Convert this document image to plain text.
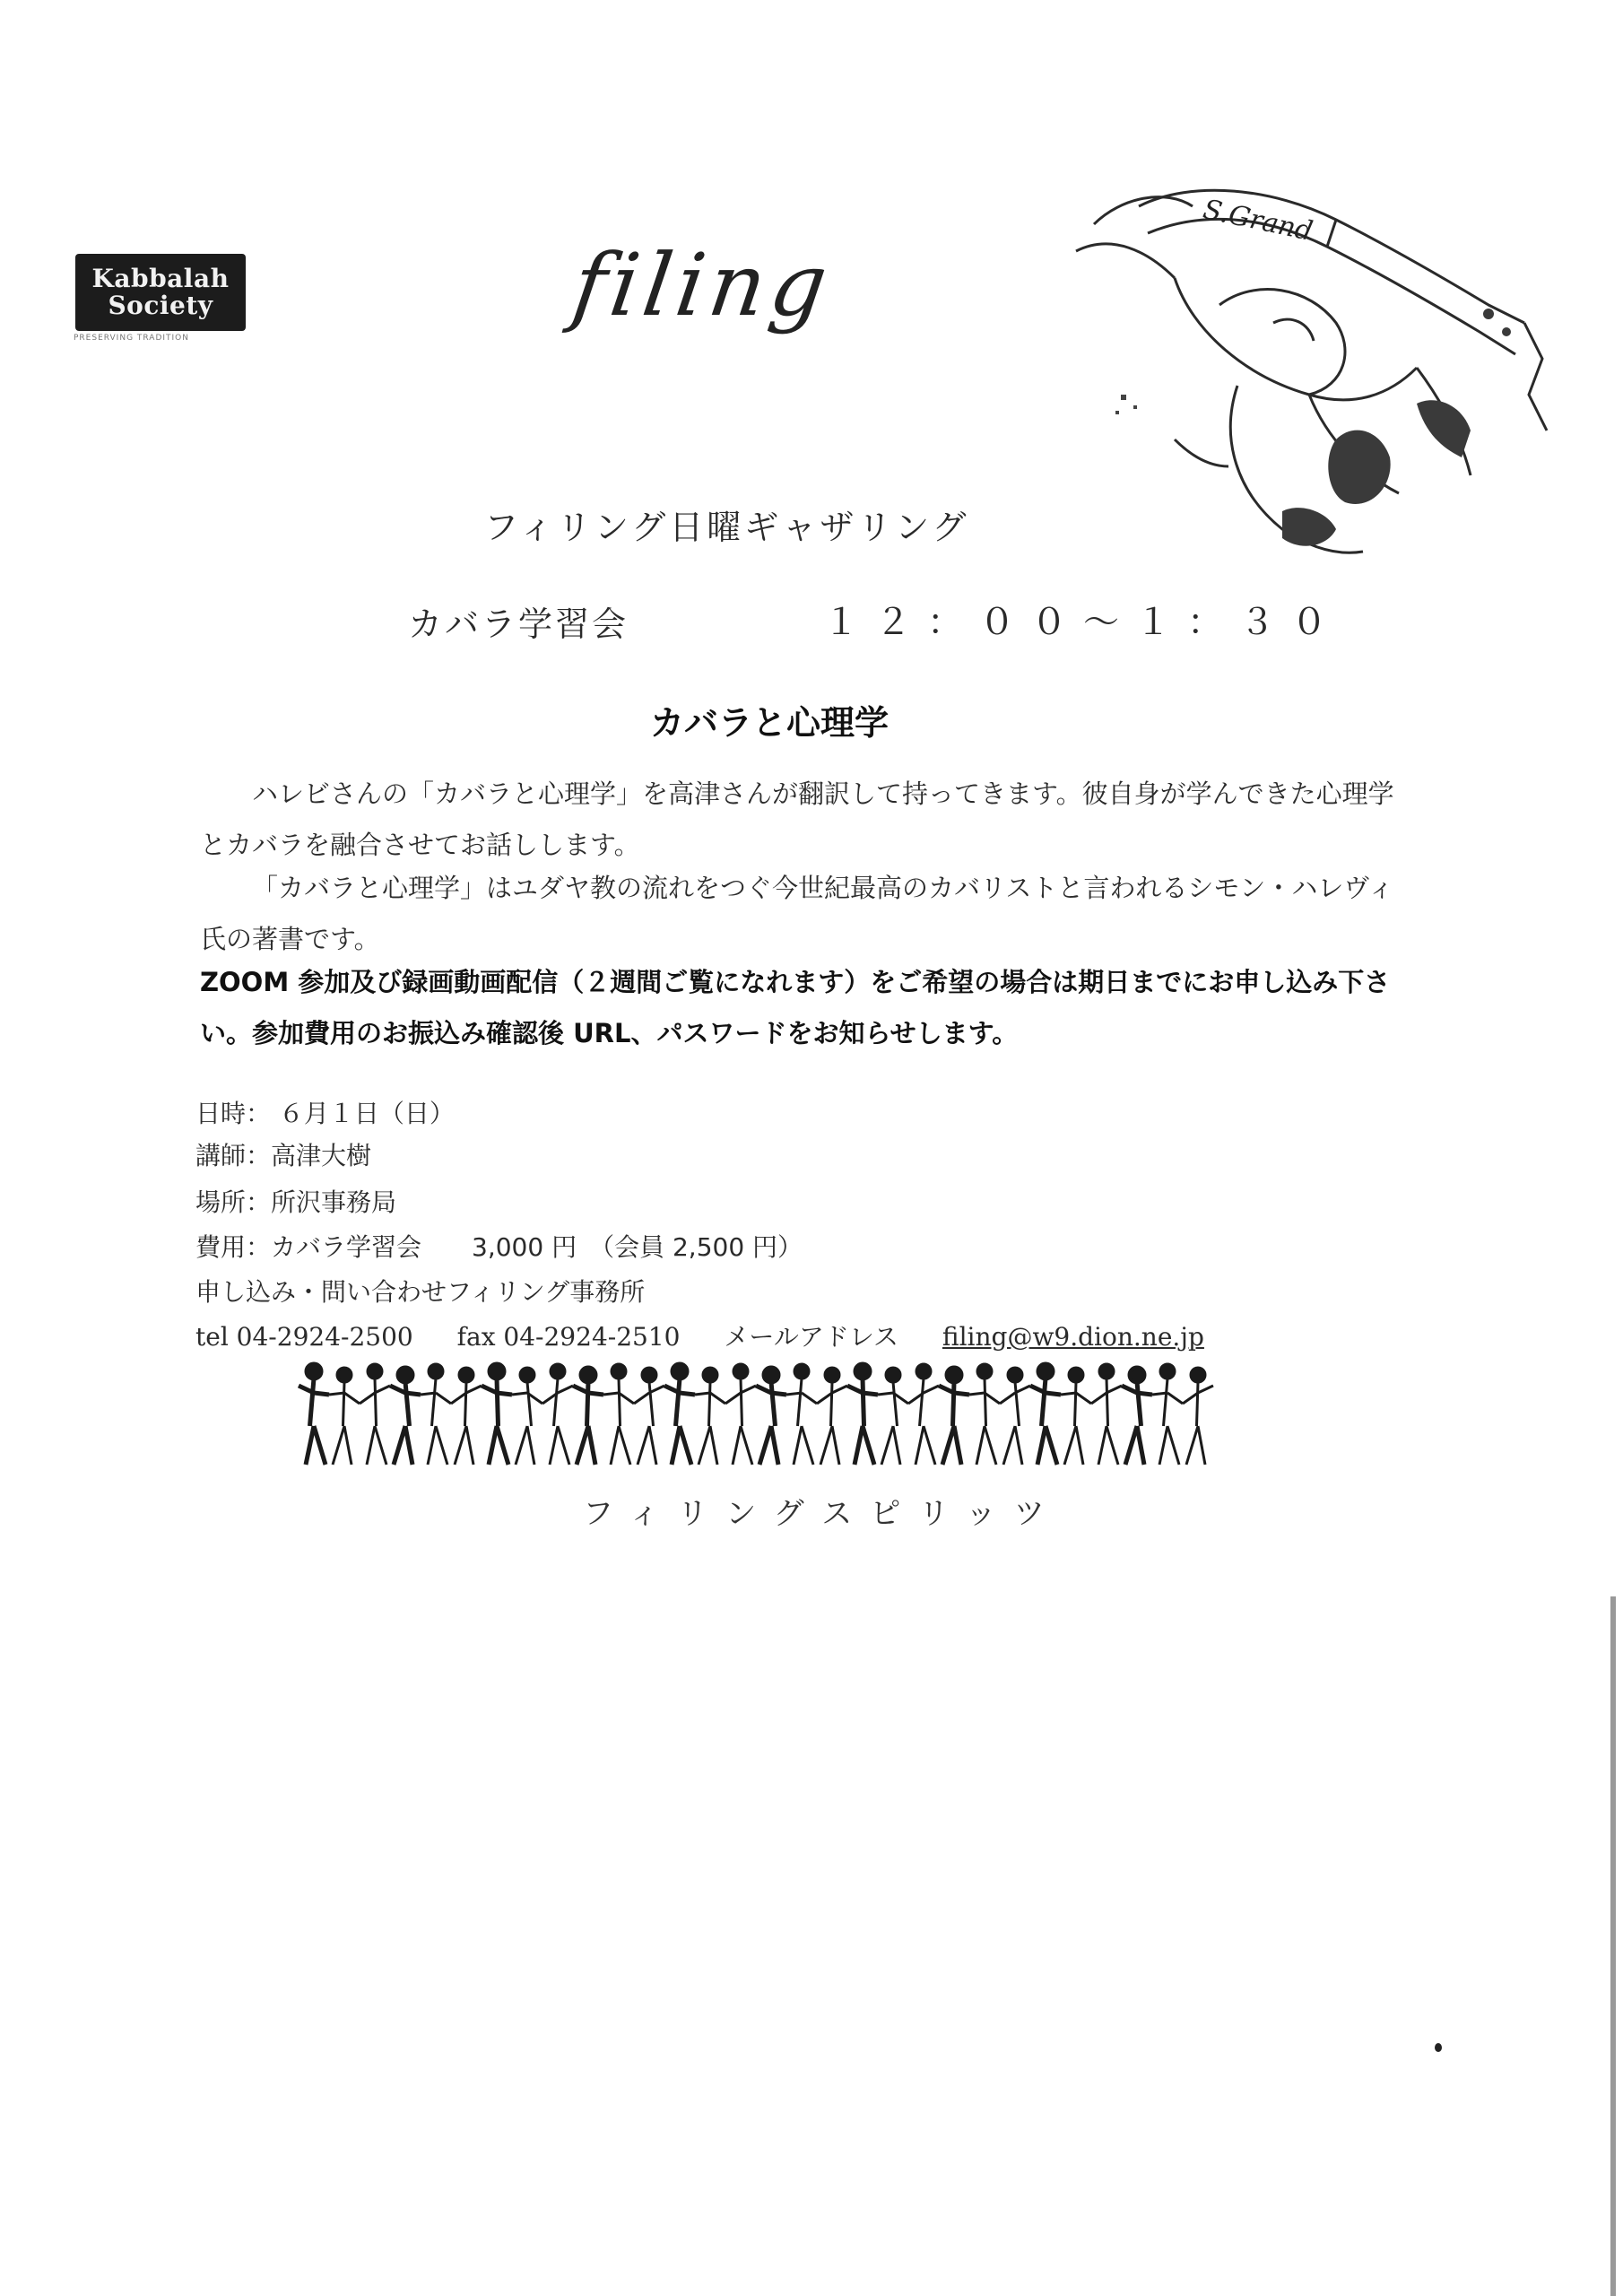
Kabbalah
Society
PRESERVING TRADITION
filing
S.Grand
フィリング日曜ギャザリング
カバラ学習会	１２：００～１：３０
カバラと心理学

ハレビさんの「カバラと心理学」を高津さんが翻訳して持ってきます。彼自身が学んできた心理学とカバラを融合させてお話しします。

「カバラと心理学」はユダヤ教の流れをつぐ今世紀最高のカバリストと言われるシモン・ハレヴィ氏の著書です。

ZOOM 参加及び録画動画配信（２週間ご覧になれます）をご希望の場合は期日までにお申し込み下さい。参加費用のお振込み確認後 URL、パスワードをお知らせします。

日時： ６月１日（日）
講師：高津大樹
場所：所沢事務局
費用：カバラ学習会　　3,000 円　（会員 2,500 円）
申し込み・問い合わせフィリング事務所
tel 04-2924-2500 fax 04-2924-2510 メールアドレス filing@w9.dion.ne.jp
フィリングスピリッツ
